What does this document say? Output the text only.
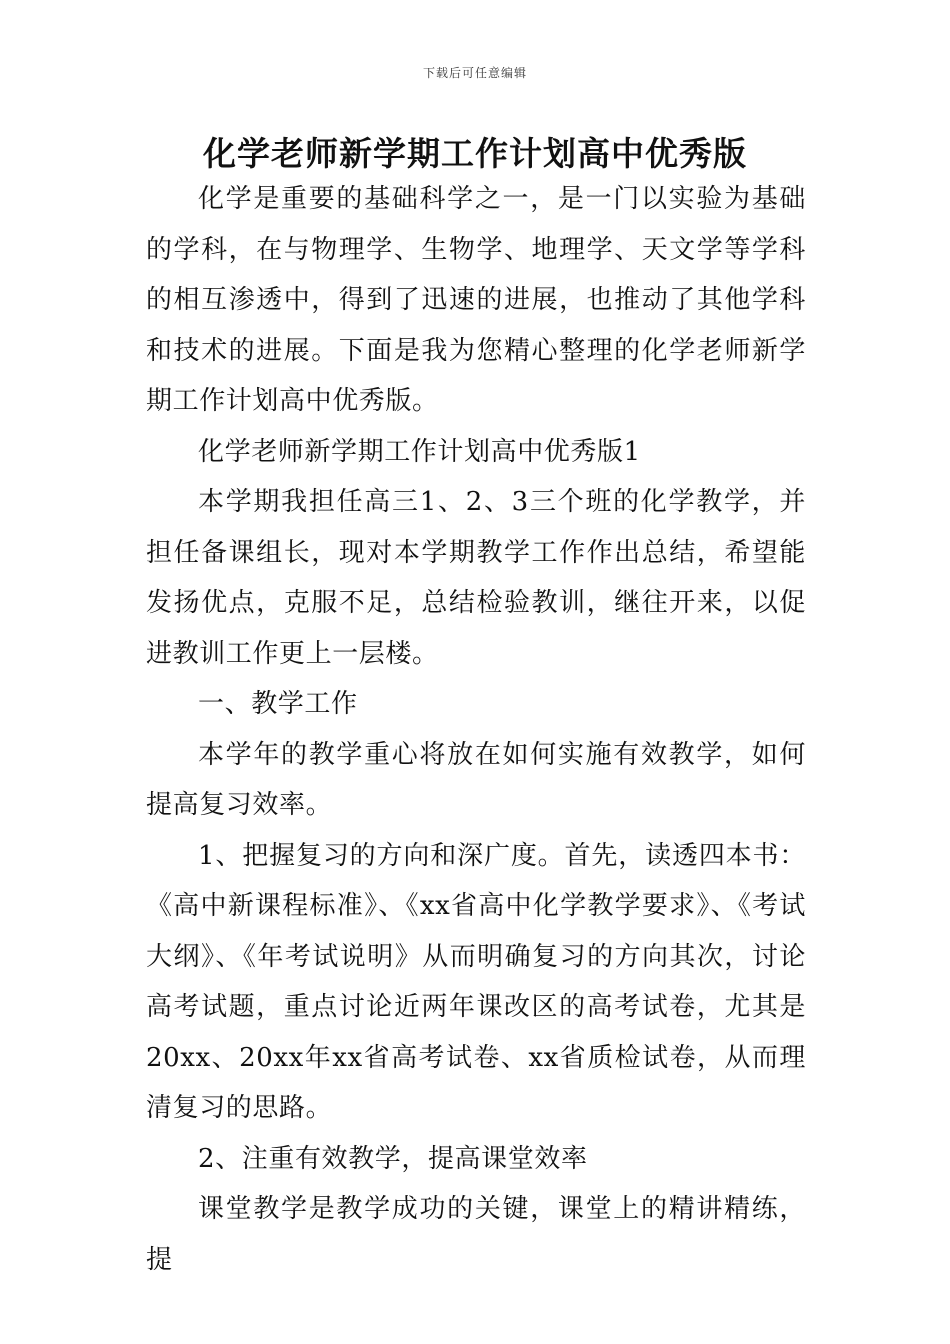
下载后可任意编辑
化学老师新学期工作计划高中优秀版

化学是重要的基础科学之一，是一门以实验为基础的学科，在与物理学、生物学、地理学、天文学等学科的相互渗透中，得到了迅速的进展，也推动了其他学科和技术的进展。下面是我为您精心整理的化学老师新学期工作计划高中优秀版。

化学老师新学期工作计划高中优秀版1

本学期我担任高三1、2、3三个班的化学教学，并担任备课组长，现对本学期教学工作作出总结，希望能发扬优点，克服不足，总结检验教训，继往开来，以促进教训工作更上一层楼。

一、教学工作

本学年的教学重心将放在如何实施有效教学，如何提高复习效率。

1、把握复习的方向和深广度。首先，读透四本书：《高中新课程标准》、《xx省高中化学教学要求》、《考试大纲》、《年考试说明》从而明确复习的方向其次，讨论高考试题，重点讨论近两年课改区的高考试卷，尤其是20xx、20xx年xx省高考试卷、xx省质检试卷，从而理清复习的思路。

2、注重有效教学，提高课堂效率

课堂教学是教学成功的关键，课堂上的精讲精练，提
